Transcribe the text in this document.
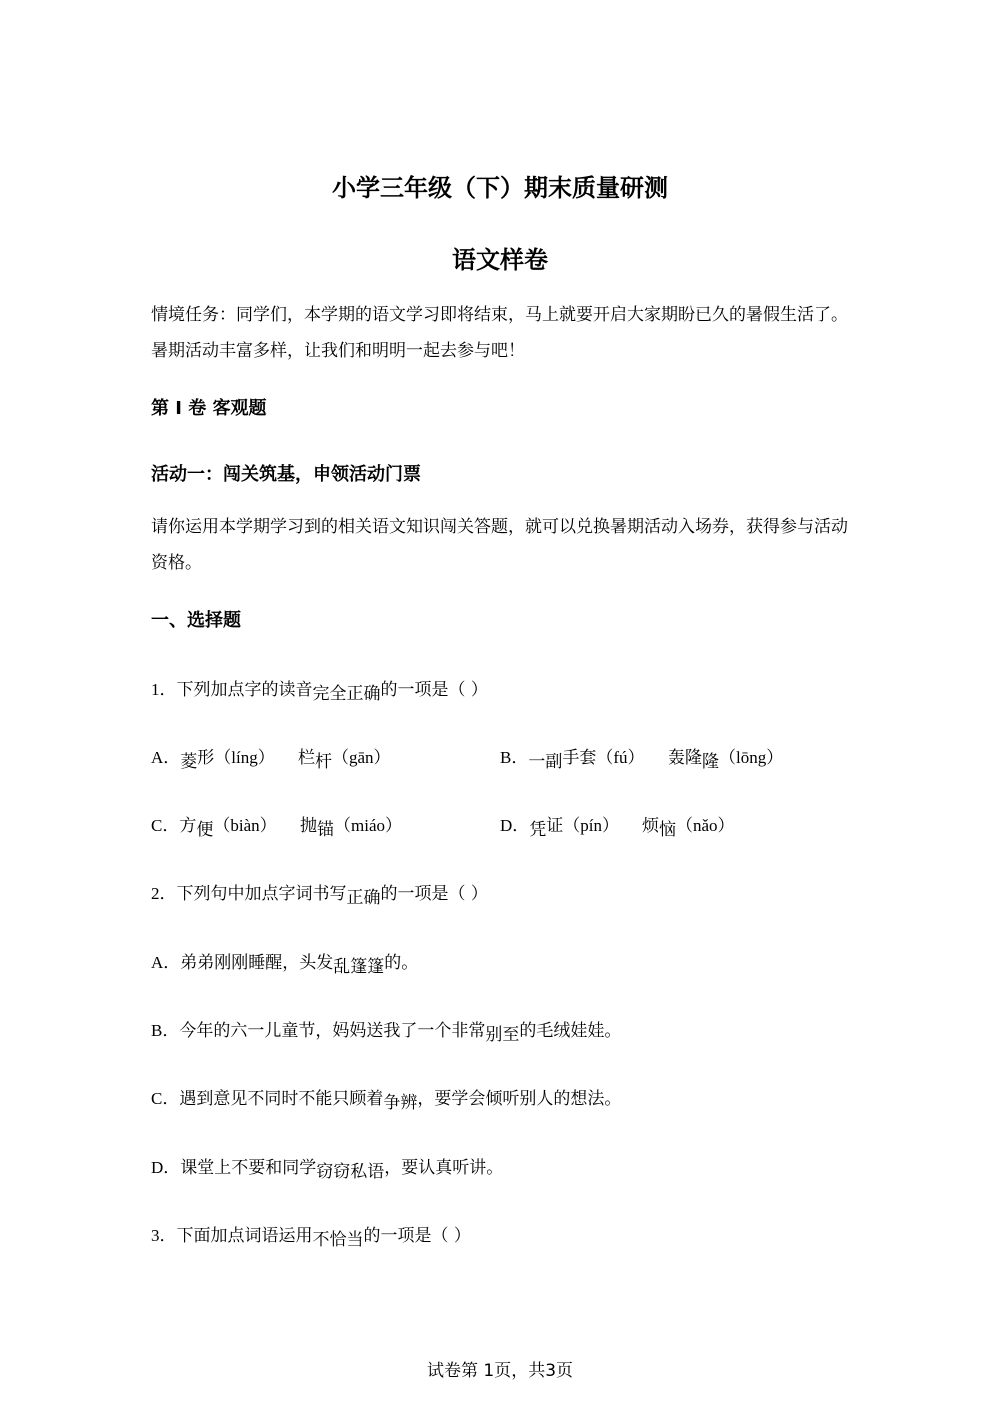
小学三年级（下）期末质量研测
语文样卷

情境任务：同学们，本学期的语文学习即将结束，马上就要开启大家期盼已久的暑假生活了。暑期活动丰富多样，让我们和明明一起去参与吧！

第 I 卷 客观题

活动一：闯关筑基，申领活动门票

请你运用本学期学习到的相关语文知识闯关答题，就可以兑换暑期活动入场券，获得参与活动资格。

一、选择题

1．下列加点字的读音完全正确的一项是（ ）
A．菱形（líng） 栏杆（gān）	B．一副手套（fú） 轰隆隆（lōng）
C．方便（biàn） 抛锚（miáo）	D．凭证（pín） 烦恼（nǎo）
2．下列句中加点字词书写正确的一项是（ ）
A．弟弟刚刚睡醒，头发乱篷篷的。
B．今年的六一儿童节，妈妈送我了一个非常别至的毛绒娃娃。
C．遇到意见不同时不能只顾着争辨，要学会倾听别人的想法。
D．课堂上不要和同学窃窃私语，要认真听讲。
3．下面加点词语运用不恰当的一项是（ ）
试卷第 1页，共3页
